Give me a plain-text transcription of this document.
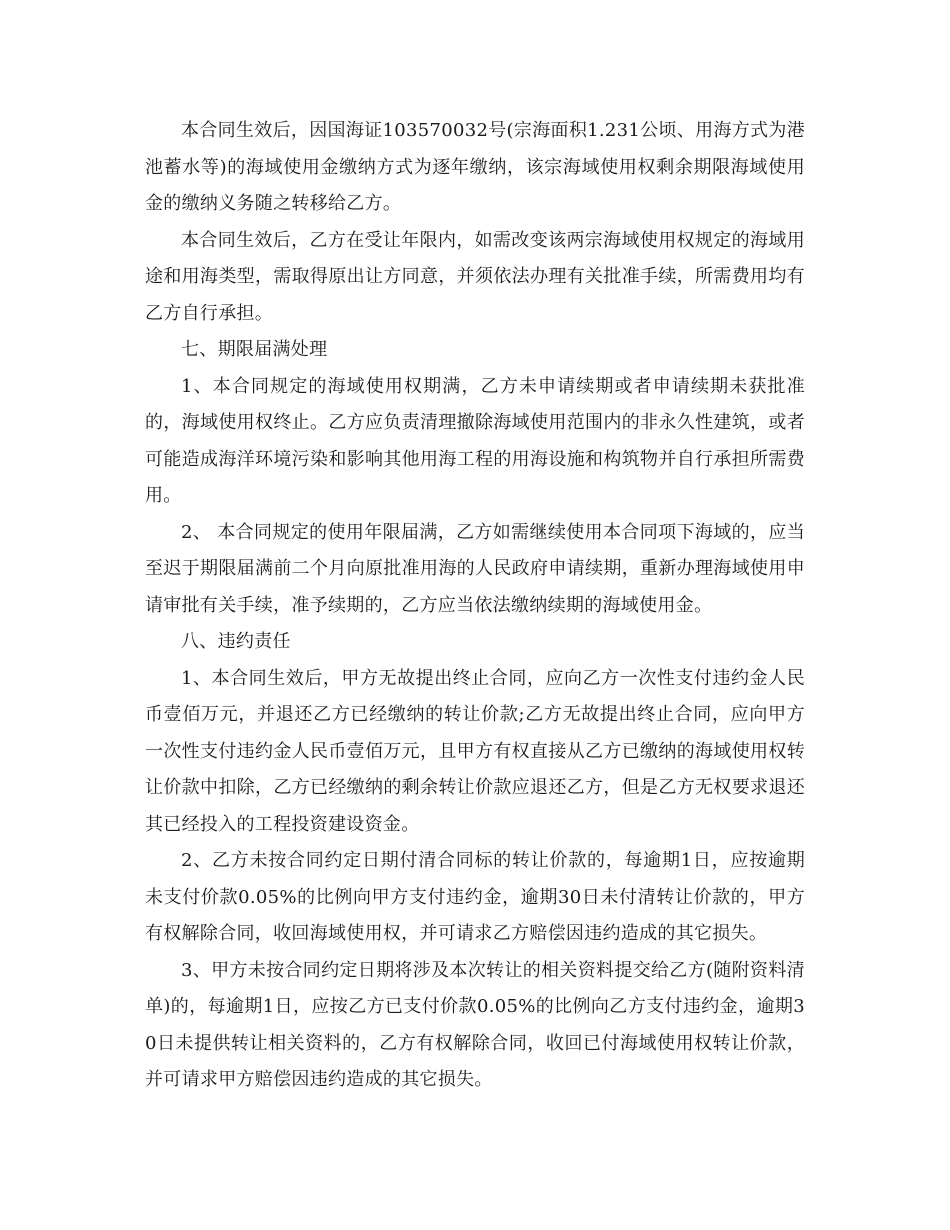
本合同生效后，因国海证103570032号(宗海面积1.231公顷、用海方式为港池蓄水等)的海域使用金缴纳方式为逐年缴纳，该宗海域使用权剩余期限海域使用金的缴纳义务随之转移给乙方。

本合同生效后，乙方在受让年限内，如需改变该两宗海域使用权规定的海域用途和用海类型，需取得原出让方同意，并须依法办理有关批准手续，所需费用均有乙方自行承担。

七、期限届满处理

1、本合同规定的海域使用权期满，乙方未申请续期或者申请续期未获批准的，海域使用权终止。乙方应负责清理撤除海域使用范围内的非永久性建筑，或者可能造成海洋环境污染和影响其他用海工程的用海设施和构筑物并自行承担所需费用。

2、 本合同规定的使用年限届满，乙方如需继续使用本合同项下海域的，应当至迟于期限届满前二个月向原批准用海的人民政府申请续期，重新办理海域使用申请审批有关手续，准予续期的，乙方应当依法缴纳续期的海域使用金。

八、违约责任

1、本合同生效后，甲方无故提出终止合同，应向乙方一次性支付违约金人民币壹佰万元，并退还乙方已经缴纳的转让价款;乙方无故提出终止合同，应向甲方一次性支付违约金人民币壹佰万元，且甲方有权直接从乙方已缴纳的海域使用权转让价款中扣除，乙方已经缴纳的剩余转让价款应退还乙方，但是乙方无权要求退还其已经投入的工程投资建设资金。

2、乙方未按合同约定日期付清合同标的转让价款的，每逾期1日，应按逾期未支付价款0.05%的比例向甲方支付违约金，逾期30日未付清转让价款的，甲方有权解除合同，收回海域使用权，并可请求乙方赔偿因违约造成的其它损失。

3、甲方未按合同约定日期将涉及本次转让的相关资料提交给乙方(随附资料清单)的，每逾期1日，应按乙方已支付价款0.05%的比例向乙方支付违约金，逾期30日未提供转让相关资料的，乙方有权解除合同，收回已付海域使用权转让价款，并可请求甲方赔偿因违约造成的其它损失。
